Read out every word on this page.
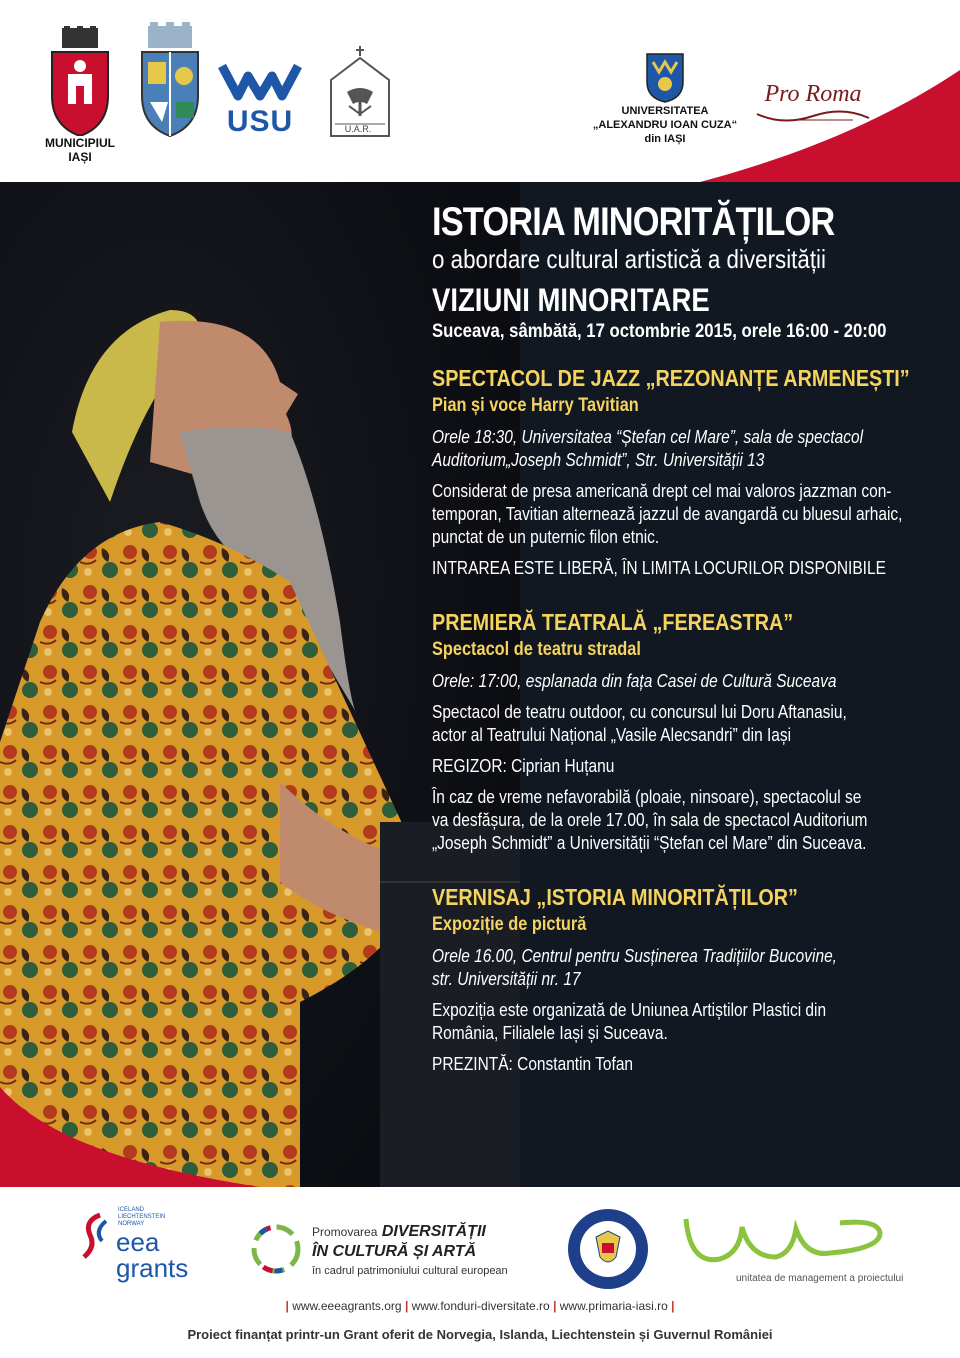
MUNICIPIUL
IAȘI
USU	U.A.R.
UNIVERSITATEA
„ALEXANDRU IOAN CUZA“
din IAȘI
Pro Roma
ISTORIA MINORITĂȚILOR
o abordare cultural artistică a diversității
VIZIUNI MINORITARE
Suceava, sâmbătă, 17 octombrie 2015, orele 16:00 - 20:00
SPECTACOL DE JAZZ „REZONANȚE ARMENEȘTI”
Pian și voce Harry Tavitian
Orele 18:30, Universitatea “Ștefan cel Mare”, sala de spectacol
Auditorium„Joseph Schmidt”, Str. Universității 13
Considerat de presa americană drept cel mai valoros jazzman con-
temporan, Tavitian alternează jazzul de avangardă cu bluesul arhaic,
punctat de un puternic filon etnic.
INTRAREA ESTE LIBERĂ, ÎN LIMITA LOCURILOR DISPONIBILE
PREMIERĂ TEATRALĂ „FEREASTRA”
Spectacol de teatru stradal
Orele: 17:00, esplanada din fața Casei de Cultură Suceava
Spectacol de teatru outdoor, cu concursul lui Doru Aftanasiu,
actor al Teatrului Național „Vasile Alecsandri” din Iași
REGIZOR: Ciprian Huțanu
În caz de vreme nefavorabilă (ploaie, ninsoare), spectacolul se
va desfășura, de la orele 17.00, în sala de spectacol Auditorium
„Joseph Schmidt” a Universității “Ștefan cel Mare” din Suceava.
VERNISAJ „ISTORIA MINORITĂȚILOR”
Expoziție de pictură
Orele 16.00, Centrul pentru Susținerea Tradițiilor Bucovine,
str. Universității nr. 17
Expoziția este organizată de Uniunea Artiștilor Plastici din
România, Filialele Iași și Suceava.
PREZINTĂ: Constantin Tofan
ICELAND
LIECHTENSTEIN
NORWAY
eea
grants
Promovarea DIVERSITĂȚII
ÎN CULTURĂ ȘI ARTĂ
în cadrul patrimoniului cultural european
unitatea de management a proiectului
| www.eeeagrants.org | www.fonduri-diversitate.ro | www.primaria-iasi.ro |
Proiect finanțat printr-un Grant oferit de Norvegia, Islanda, Liechtenstein și Guvernul României
